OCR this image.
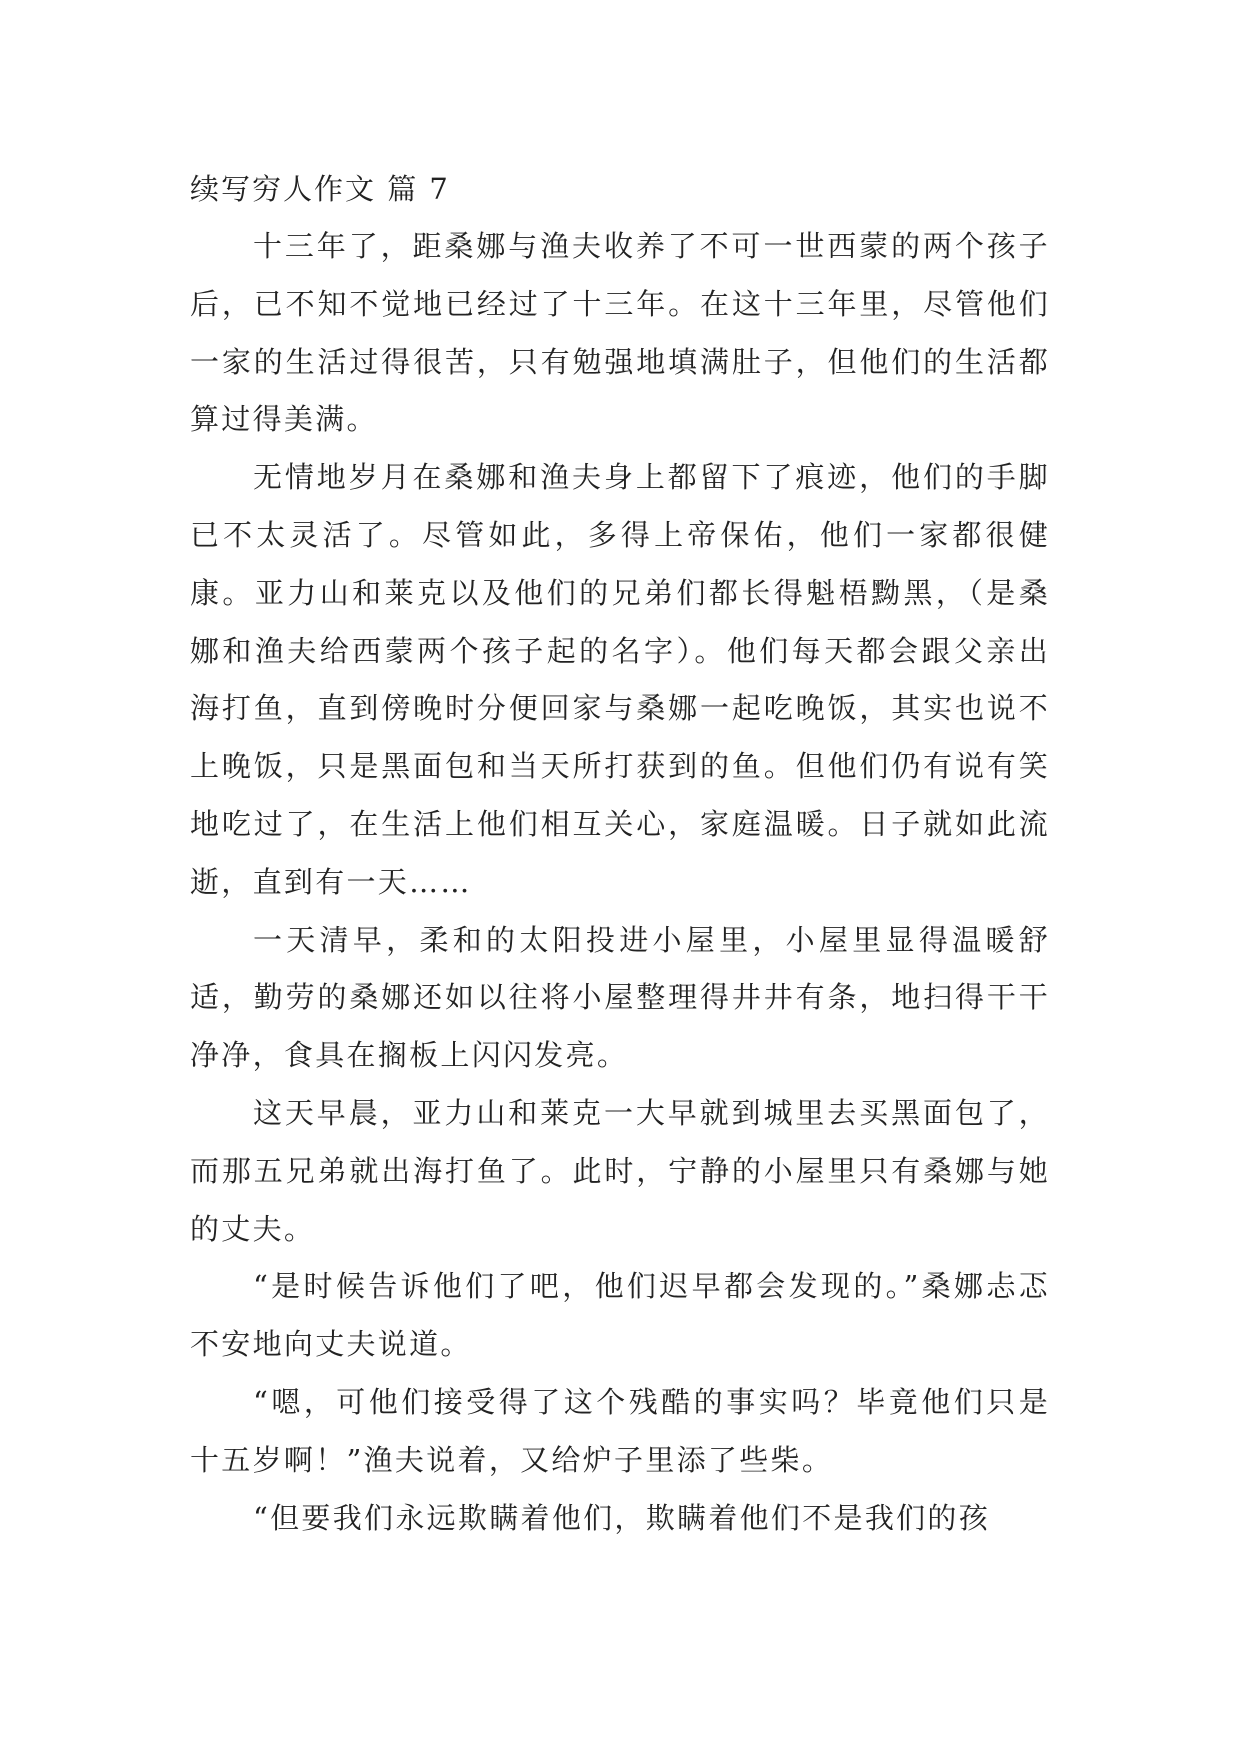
续写穷人作文 篇 7

十三年了，距桑娜与渔夫收养了不可一世西蒙的两个孩子后，已不知不觉地已经过了十三年。在这十三年里，尽管他们一家的生活过得很苦，只有勉强地填满肚子，但他们的生活都算过得美满。

无情地岁月在桑娜和渔夫身上都留下了痕迹，他们的手脚已不太灵活了。尽管如此，多得上帝保佑，他们一家都很健康。亚力山和莱克以及他们的兄弟们都长得魁梧黝黑，（是桑娜和渔夫给西蒙两个孩子起的名字）。他们每天都会跟父亲出海打鱼，直到傍晚时分便回家与桑娜一起吃晚饭，其实也说不上晚饭，只是黑面包和当天所打获到的鱼。但他们仍有说有笑地吃过了，在生活上他们相互关心，家庭温暖。日子就如此流逝，直到有一天……

一天清早，柔和的太阳投进小屋里，小屋里显得温暖舒适，勤劳的桑娜还如以往将小屋整理得井井有条，地扫得干干净净，食具在搁板上闪闪发亮。

这天早晨，亚力山和莱克一大早就到城里去买黑面包了，而那五兄弟就出海打鱼了。此时，宁静的小屋里只有桑娜与她的丈夫。

“是时候告诉他们了吧，他们迟早都会发现的。”桑娜忐忑不安地向丈夫说道。

“嗯，可他们接受得了这个残酷的事实吗？毕竟他们只是十五岁啊！”渔夫说着，又给炉子里添了些柴。

“但要我们永远欺瞒着他们，欺瞒着他们不是我们的孩
